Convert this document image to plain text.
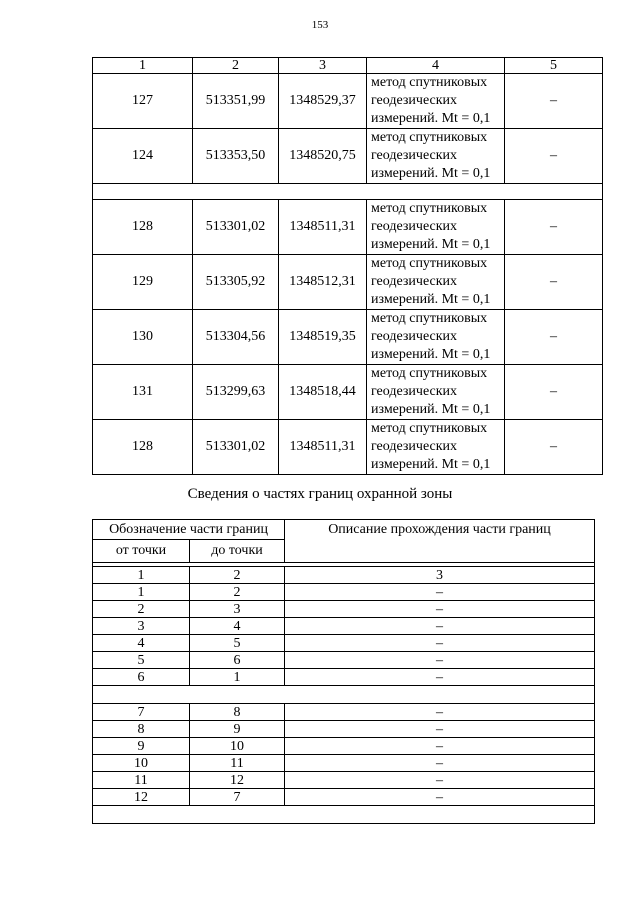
153
1	2	3	4	5
127	513351,99	1348529,37	метод спутниковых
геодезических
измерений. Mt = 0,1	–
124	513353,50	1348520,75	метод спутниковых
геодезических
измерений. Mt = 0,1	–

128	513301,02	1348511,31	метод спутниковых
геодезических
измерений. Mt = 0,1	–
129	513305,92	1348512,31	метод спутниковых
геодезических
измерений. Mt = 0,1	–
130	513304,56	1348519,35	метод спутниковых
геодезических
измерений. Mt = 0,1	–
131	513299,63	1348518,44	метод спутниковых
геодезических
измерений. Mt = 0,1	–
128	513301,02	1348511,31	метод спутниковых
геодезических
измерений. Mt = 0,1	–
Сведения о частях границ охранной зоны
Обозначение части границ		Описание прохождения части границ
от точки	до точки	

1	2	3
1	2	–
2	3	–
3	4	–
4	5	–
5	6	–
6	1	–

7	8	–
8	9	–
9	10	–
10	11	–
11	12	–
12	7	–
